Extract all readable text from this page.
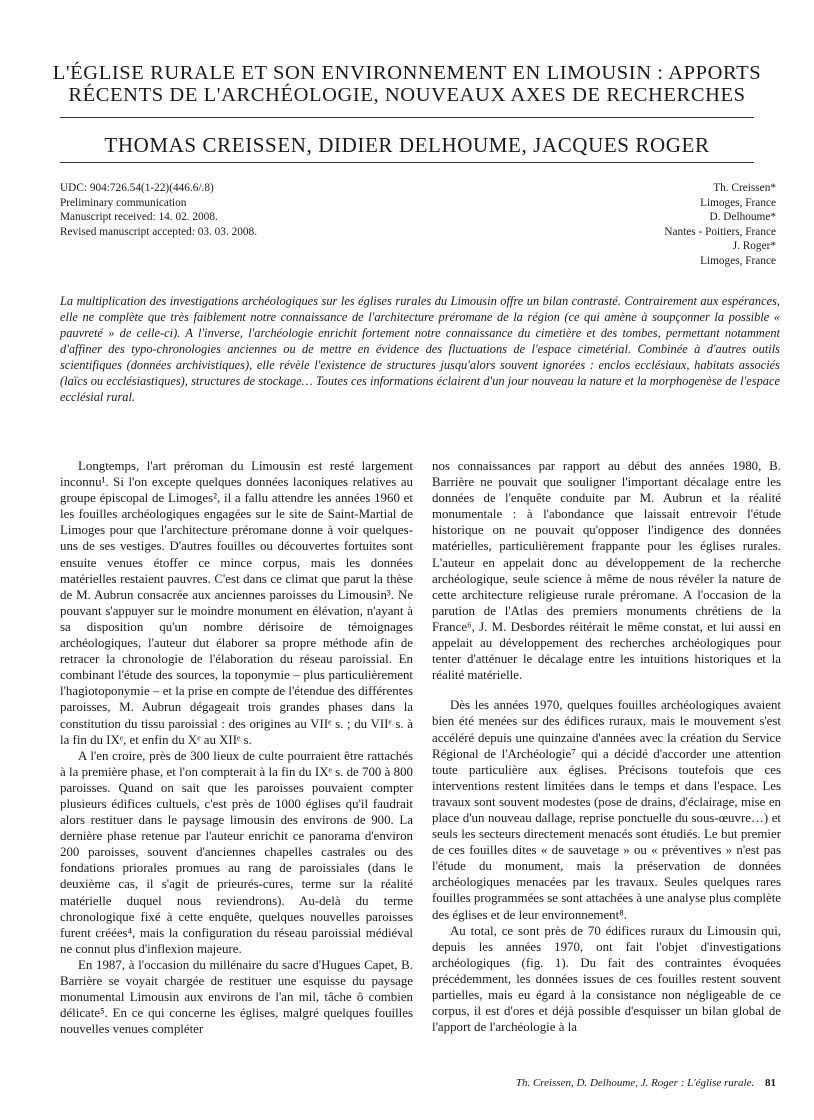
L'ÉGLISE RURALE ET SON ENVIRONNEMENT EN LIMOUSIN : APPORTS
RÉCENTS DE L'ARCHÉOLOGIE, NOUVEAUX AXES DE RECHERCHES
THOMAS CREISSEN, DIDIER DELHOUME, JACQUES ROGER
UDC: 904:726.54(1-22)(446.6/.8)
Preliminary communication
Manuscript received: 14. 02. 2008.
Revised manuscript accepted: 03. 03. 2008.
Th. Creissen*
Limoges, France
D. Delhoume*
Nantes - Poitiers, France
J. Roger*
Limoges, France
La multiplication des investigations archéologiques sur les églises rurales du Limousin offre un bilan contrasté. Contrairement aux espérances, elle ne complète que très faiblement notre connaissance de l'architecture préromane de la région (ce qui amène à soupçonner la possible « pauvreté » de celle-ci). A l'inverse, l'archéologie enrichit fortement notre connaissance du cimetière et des tombes, permettant notamment d'affiner des typo-chronologies anciennes ou de mettre en évidence des fluctuations de l'espace cimetérial. Combinée à d'autres outils scientifiques (données archivistiques), elle révèle l'existence de structures jusqu'alors souvent ignorées : enclos ecclésiaux, habitats associés (laïcs ou ecclésiastiques), structures de stockage… Toutes ces informations éclairent d'un jour nouveau la nature et la morphogenèse de l'espace ecclésial rural.

Longtemps, l'art préroman du Limousin est resté largement inconnu¹. Si l'on excepte quelques données laconiques relatives au groupe épiscopal de Limoges², il a fallu attendre les années 1960 et les fouilles archéologiques engagées sur le site de Saint-Martial de Limoges pour que l'architecture préromane donne à voir quelques-uns de ses vestiges. D'autres fouilles ou découvertes fortuites sont ensuite venues étoffer ce mince corpus, mais les données matérielles restaient pauvres. C'est dans ce climat que parut la thèse de M. Aubrun consacrée aux anciennes paroisses du Limousin³. Ne pouvant s'appuyer sur le moindre monument en élévation, n'ayant à sa disposition qu'un nombre dérisoire de témoignages archéologiques, l'auteur dut élaborer sa propre méthode afin de retracer la chronologie de l'élaboration du réseau paroissial. En combinant l'étude des sources, la toponymie – plus particulièrement l'hagiotoponymie – et la prise en compte de l'étendue des différentes paroisses, M. Aubrun dégageait trois grandes phases dans la constitution du tissu paroissial : des origines au VIIᵉ s. ; du VIIᵉ s. à la fin du IXᵉ, et enfin du Xᵉ au XIIᵉ s.

A l'en croire, près de 300 lieux de culte pourraient être rattachés à la première phase, et l'on compterait à la fin du IXᵉ s. de 700 à 800 paroisses. Quand on sait que les paroisses pouvaient compter plusieurs édifices cultuels, c'est près de 1000 églises qu'il faudrait alors restituer dans le paysage limousin des environs de 900. La dernière phase retenue par l'auteur enrichit ce panorama d'environ 200 paroisses, souvent d'anciennes chapelles castrales ou des fondations priorales promues au rang de paroissiales (dans le deuxième cas, il s'agit de prieurés-cures, terme sur la réalité matérielle duquel nous reviendrons). Au-delà du terme chronologique fixé à cette enquête, quelques nouvelles paroisses furent créées⁴, mais la configuration du réseau paroissial médiéval ne connut plus d'inflexion majeure.

En 1987, à l'occasion du millénaire du sacre d'Hugues Capet, B. Barrière se voyait chargée de restituer une esquisse du paysage monumental Limousin aux environs de l'an mil, tâche ô combien délicate⁵. En ce qui concerne les églises, malgré quelques fouilles nouvelles venues compléter

nos connaissances par rapport au début des années 1980, B. Barrière ne pouvait que souligner l'important décalage entre les données de l'enquête conduite par M. Aubrun et la réalité monumentale : à l'abondance que laissait entrevoir l'étude historique on ne pouvait qu'opposer l'indigence des données matérielles, particulièrement frappante pour les églises rurales. L'auteur en appelait donc au développement de la recherche archéologique, seule science à même de nous révéler la nature de cette architecture religieuse rurale préromane. A l'occasion de la parution de l'Atlas des premiers monuments chrétiens de la France⁶, J. M. Desbordes réitérait le même constat, et lui aussi en appelait au développement des recherches archéologiques pour tenter d'atténuer le décalage entre les intuitions historiques et la réalité matérielle.

Dès les années 1970, quelques fouilles archéologiques avaient bien été menées sur des édifices ruraux, mais le mouvement s'est accéléré depuis une quinzaine d'années avec la création du Service Régional de l'Archéologie⁷ qui a décidé d'accorder une attention toute particulière aux églises. Précisons toutefois que ces interventions restent limitées dans le temps et dans l'espace. Les travaux sont souvent modestes (pose de drains, d'éclairage, mise en place d'un nouveau dallage, reprise ponctuelle du sous-œuvre…) et seuls les secteurs directement menacés sont étudiés. Le but premier de ces fouilles dites « de sauvetage » ou « préventives » n'est pas l'étude du monument, mais la préservation de données archéologiques menacées par les travaux. Seules quelques rares fouilles programmées se sont attachées à une analyse plus complète des églises et de leur environnement⁸.

Au total, ce sont près de 70 édifices ruraux du Limousin qui, depuis les années 1970, ont fait l'objet d'investigations archéologiques (fig. 1). Du fait des contraintes évoquées précédemment, les données issues de ces fouilles restent souvent partielles, mais eu égard à la consistance non négligeable de ce corpus, il est d'ores et déjà possible d'esquisser un bilan global de l'apport de l'archéologie à la

Th. Creissen, D. Delhoume, J. Roger : L'église rurale. 81
